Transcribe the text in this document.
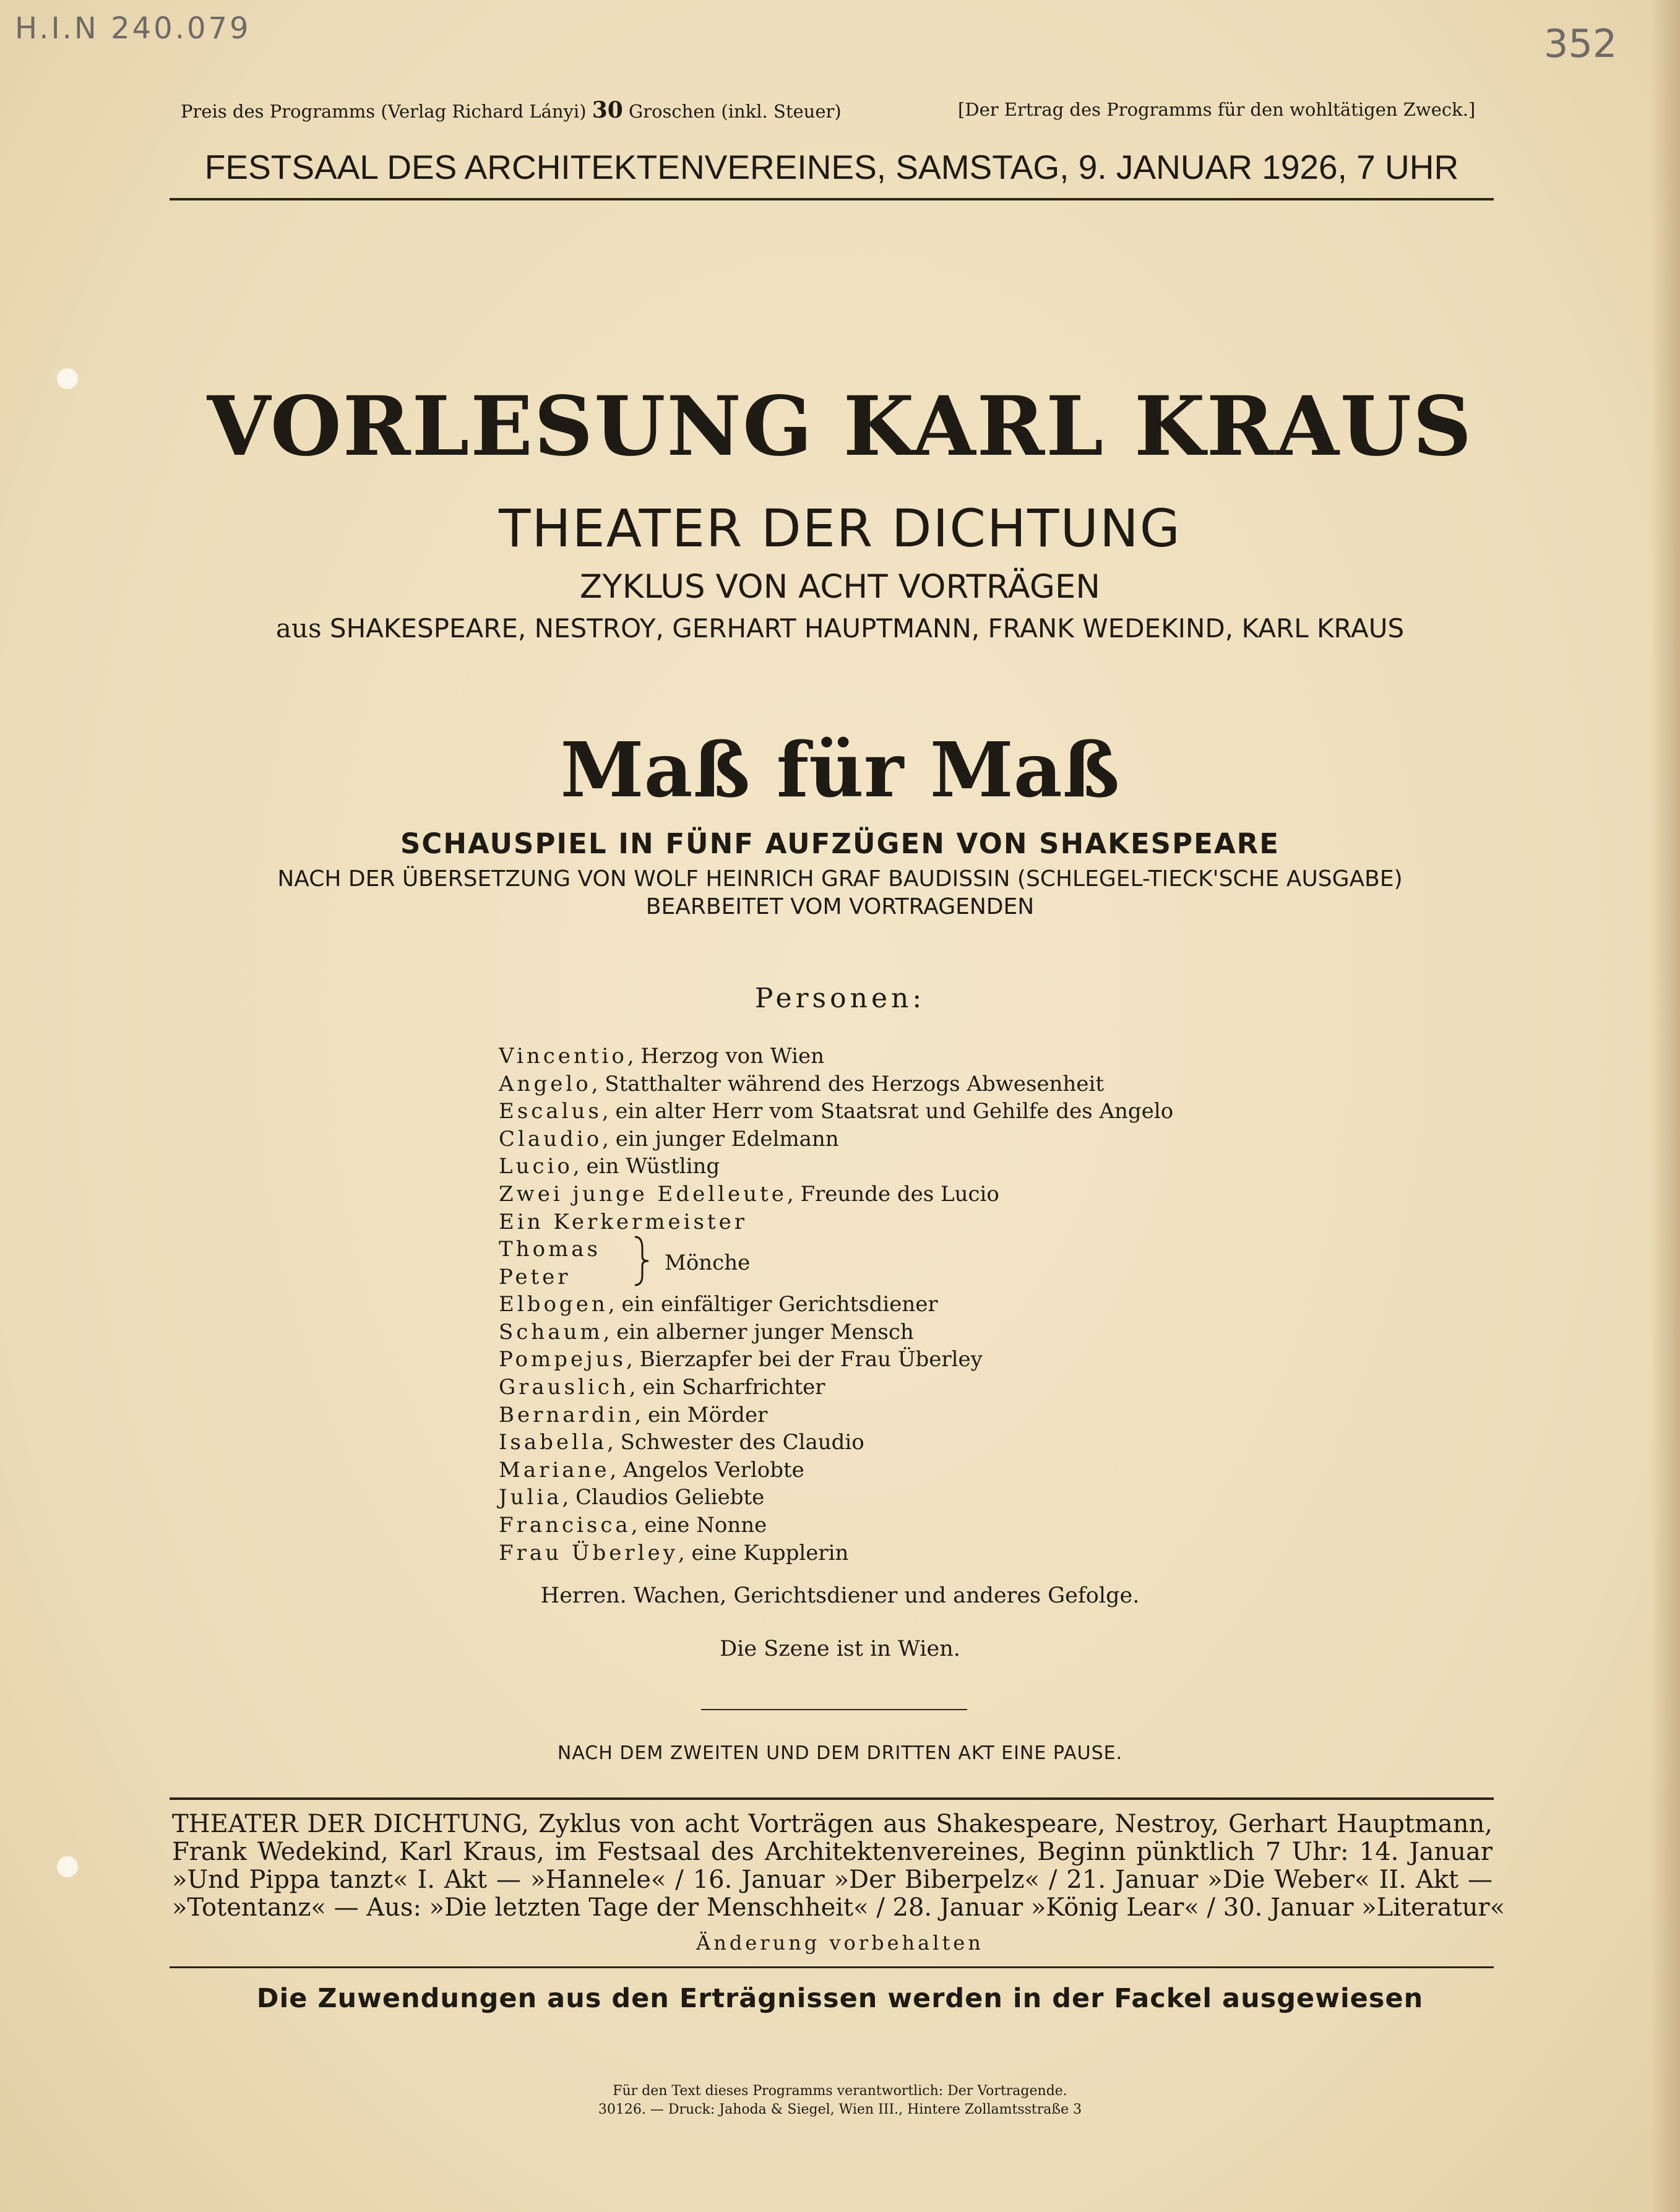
H.I.N 240.079	352
Preis des Programms (Verlag Richard Lányi) 30 Groschen (inkl. Steuer)	[Der Ertrag des Programms für den wohltätigen Zweck.]
FESTSAAL DES ARCHITEKTENVEREINES, SAMSTAG, 9. JANUAR 1926, 7 UHR
VORLESUNG KARL KRAUS
THEATER DER DICHTUNG
ZYKLUS VON ACHT VORTRÄGEN
aus SHAKESPEARE, NESTROY, GERHART HAUPTMANN, FRANK WEDEKIND, KARL KRAUS
Maß für Maß
SCHAUSPIEL IN FÜNF AUFZÜGEN VON SHAKESPEARE
NACH DER ÜBERSETZUNG VON WOLF HEINRICH GRAF BAUDISSIN (SCHLEGEL-TIECK'SCHE AUSGABE)
BEARBEITET VOM VORTRAGENDEN
Personen:
Vincentio, Herzog von Wien
Angelo, Statthalter während des Herzogs Abwesenheit
Escalus, ein alter Herr vom Staatsrat und Gehilfe des Angelo
Claudio, ein junger Edelmann
Lucio, ein Wüstling
Zwei junge Edelleute, Freunde des Lucio
Ein Kerkermeister
Thomas
Peter
Mönche
Elbogen, ein einfältiger Gerichtsdiener
Schaum, ein alberner junger Mensch
Pompejus, Bierzapfer bei der Frau Überley
Grauslich, ein Scharfrichter
Bernardin, ein Mörder
Isabella, Schwester des Claudio
Mariane, Angelos Verlobte
Julia, Claudios Geliebte
Francisca, eine Nonne
Frau Überley, eine Kupplerin
Herren. Wachen, Gerichtsdiener und anderes Gefolge.
Die Szene ist in Wien.
NACH DEM ZWEITEN UND DEM DRITTEN AKT EINE PAUSE.
THEATER DER DICHTUNG, Zyklus von acht Vorträgen aus Shakespeare, Nestroy, Gerhart Hauptmann,
Frank Wedekind, Karl Kraus, im Festsaal des Architektenvereines, Beginn pünktlich 7 Uhr: 14. Januar
»Und Pippa tanzt« I. Akt — »Hannele« / 16. Januar »Der Biberpelz« / 21. Januar »Die Weber« II. Akt —
»Totentanz« — Aus: »Die letzten Tage der Menschheit« / 28. Januar »König Lear« / 30. Januar »Literatur«
Änderung vorbehalten
Die Zuwendungen aus den Erträgnissen werden in der Fackel ausgewiesen
Für den Text dieses Programms verantwortlich: Der Vortragende.
30126. — Druck: Jahoda & Siegel, Wien III., Hintere Zollamtsstraße 3
